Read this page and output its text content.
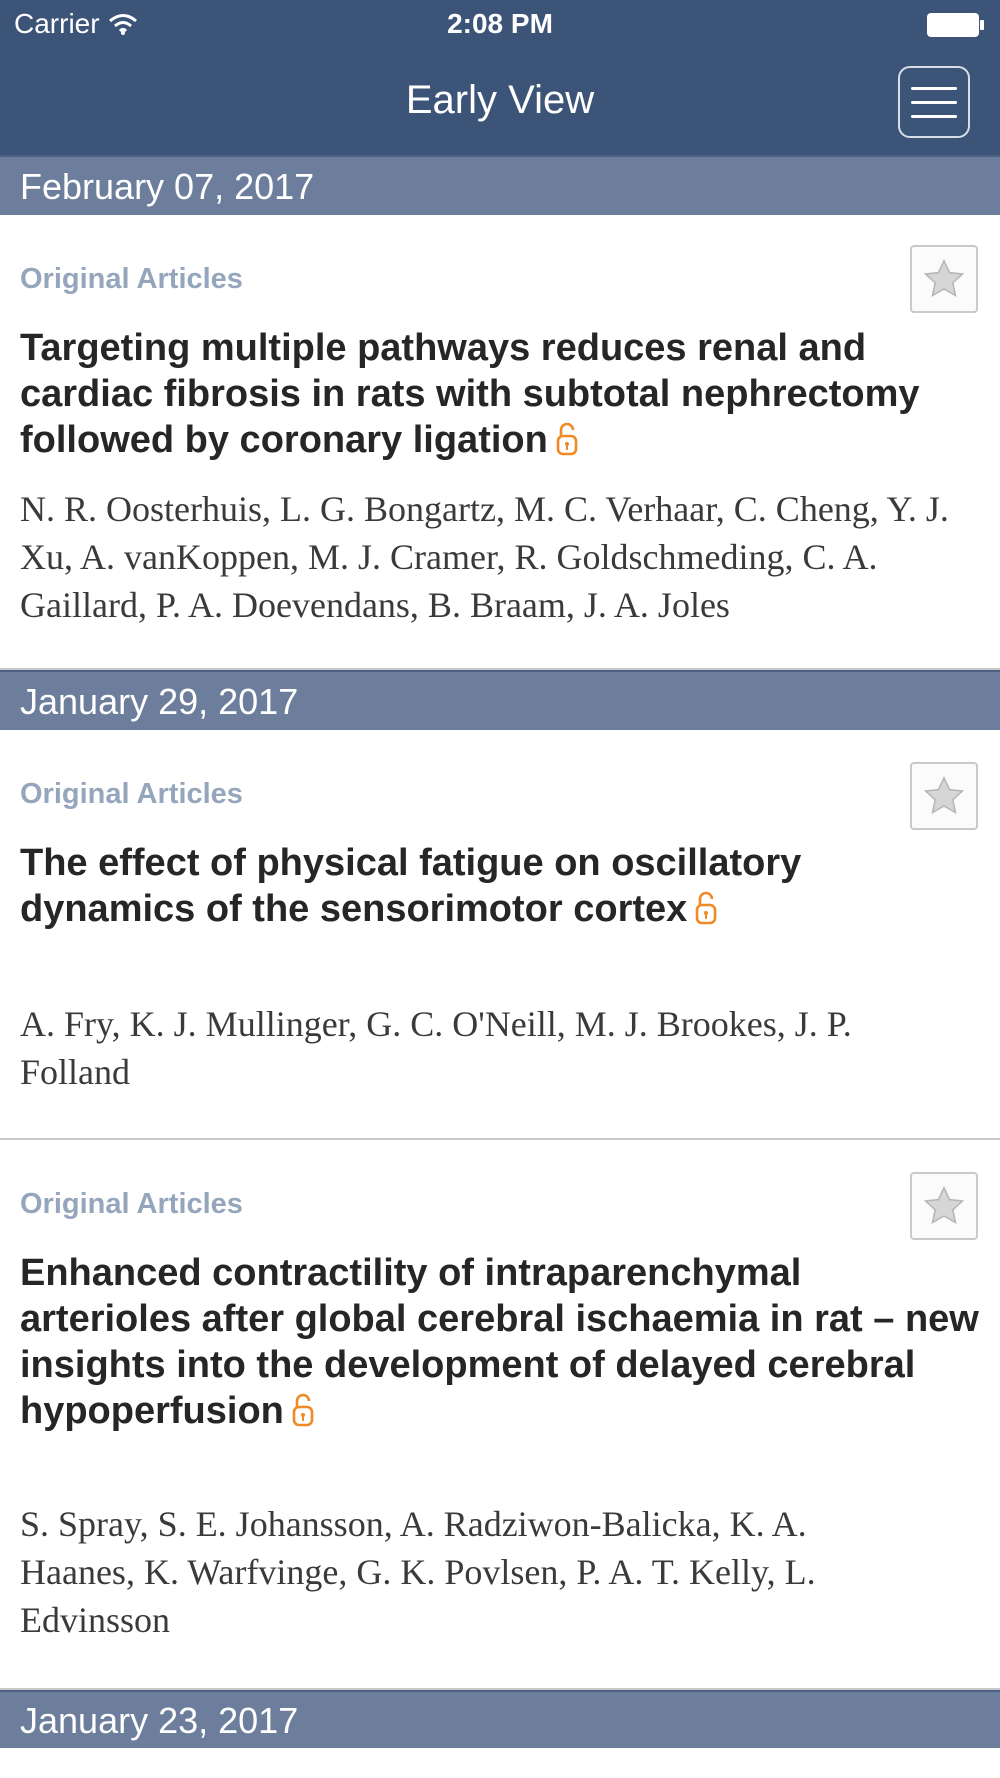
Carrier	2:08 PM
Early View
February 07, 2017
Original Articles
Targeting multiple pathways reduces renal and cardiac fibrosis in rats with subtotal nephrectomy followed by coronary ligation
N. R. Oosterhuis, L. G. Bongartz, M. C. Verhaar, C. Cheng, Y. J. Xu, A. vanKoppen, M. J. Cramer, R. Goldschmeding, C. A. Gaillard, P. A. Doevendans, B. Braam, J. A. Joles
January 29, 2017
Original Articles
The effect of physical fatigue on oscillatory dynamics of the sensorimotor cortex
A. Fry, K. J. Mullinger, G. C. O'Neill, M. J. Brookes, J. P. Folland
Original Articles
Enhanced contractility of intraparenchymal arterioles after global cerebral ischaemia in rat – new insights into the development of delayed cerebral hypoperfusion
S. Spray, S. E. Johansson, A. Radziwon-Balicka, K. A. Haanes, K. Warfvinge, G. K. Povlsen, P. A. T. Kelly, L. Edvinsson
January 23, 2017
